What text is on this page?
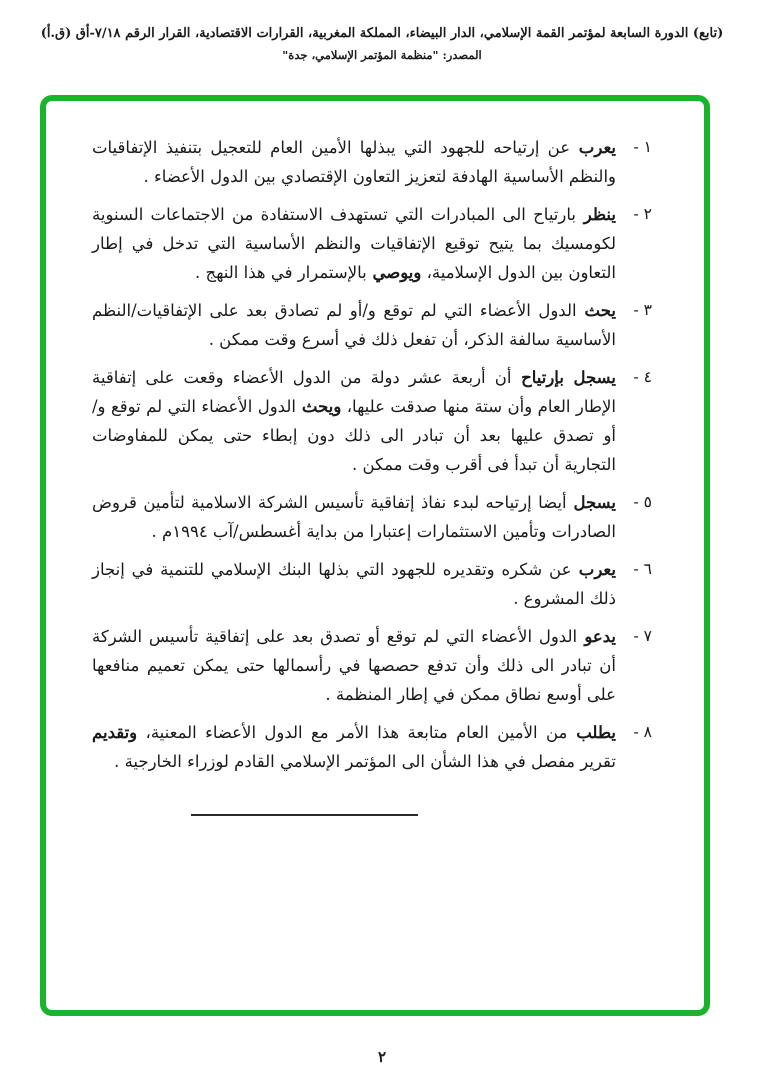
(تابع) الدورة السابعة لمؤتمر القمة الإسلامي، الدار البيضاء، المملكة المغربية، القرارات الاقتصادية، القرار الرقم ٧/١٨-أق (ق.أ)
المصدر: "منظمة المؤتمر الإسلامي، جدة"
١ -

يعرب عن إرتياحه للجهود التي يبذلها الأمين العام للتعجيل بتنفيذ الإتفاقيات والنظم الأساسية الهادفة لتعزيز التعاون الإقتصادي بين الدول الأعضاء .

٢ -

ينظر بارتياح الى المبادرات التي تستهدف الاستفادة من الاجتماعات السنوية لكومسيك بما يتيح توقيع الإتفاقيات والنظم الأساسية التي تدخل في إطار التعاون بين الدول الإسلامية، ويوصي بالإستمرار في هذا النهج .

٣ -

يحث الدول الأعضاء التي لم توقع و/أو لم تصادق بعد على الإتفاقيات/النظم الأساسية سالفة الذكر، أن تفعل ذلك في أسرع وقت ممكن .

٤ -

يسجل بإرتياح أن أربعة عشر دولة من الدول الأعضاء وقعت على إتفاقية الإطار العام وأن ستة منها صدقت عليها، ويحث الدول الأعضاء التي لم توقع و/أو تصدق عليها بعد أن تبادر الى ذلك دون إبطاء حتى يمكن للمفاوضات التجارية أن تبدأ فى أقرب وقت ممكن .

٥ -

يسجل أيضا إرتياحه لبدء نفاذ إتفاقية تأسيس الشركة الاسلامية لتأمين قروض الصادرات وتأمين الاستثمارات إعتبارا من بداية أغسطس/آب ١٩٩٤م .

٦ -

يعرب عن شكره وتقديره للجهود التي بذلها البنك الإسلامي للتنمية في إنجاز ذلك المشروع .

٧ -

يدعو الدول الأعضاء التي لم توقع أو تصدق بعد على إتفاقية تأسيس الشركة أن تبادر الى ذلك وأن تدفع حصصها في رأسمالها حتى يمكن تعميم منافعها على أوسع نطاق ممكن في إطار المنظمة .

٨ -

يطلب من الأمين العام متابعة هذا الأمر مع الدول الأعضاء المعنية، وتقديم تقرير مفصل في هذا الشأن الى المؤتمر الإسلامي القادم لوزراء الخارجية .

٢
